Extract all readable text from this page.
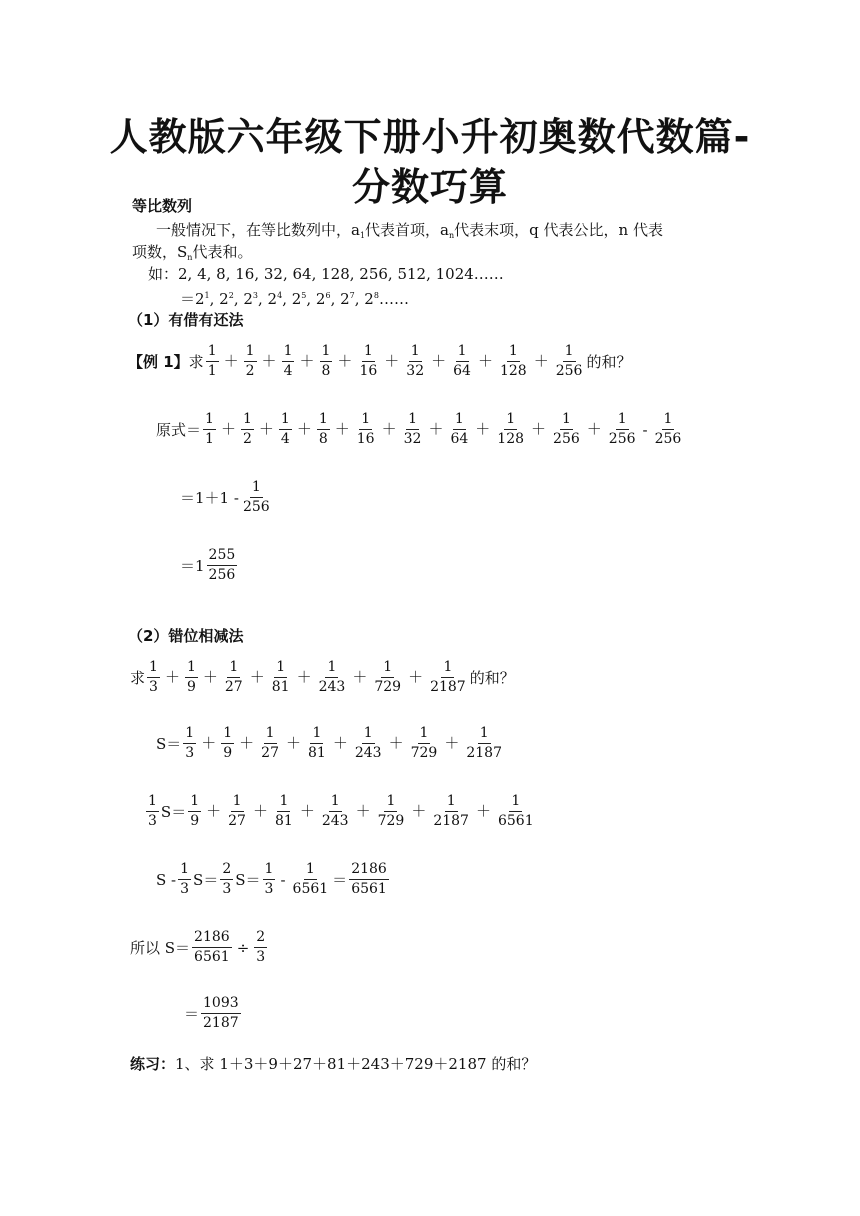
人教版六年级下册小升初奥数代数篇-
分数巧算
等比数列
一般情况下，在等比数列中，$a_1$代表首项，$a_n$代表末项，q 代表公比，n 代表
项数，$S_n$代表和。
如：2, 4, 8, 16, 32, 64, 128, 256, 512, 1024……
$=2^1$, $2^2$, $2^3$, $2^4$, $2^5$, $2^6$, $2^7$, $2^8\dots\dots$
（1）有借有还法
【例 1】 求 $\frac{1}{1} + \frac{1}{2} + \frac{1}{4} + \frac{1}{8} + \frac{1}{16} + \frac{1}{32} + \frac{1}{64} + \frac{1}{128} + \frac{1}{256}$ 的和？
原式＝ $\frac{1}{1} + \frac{1}{2} + \frac{1}{4} + \frac{1}{8} + \frac{1}{16} + \frac{1}{32} + \frac{1}{64} + \frac{1}{128} + \frac{1}{256} + \frac{1}{256} - \frac{1}{256}$
$=1+1 - \frac{1}{256}$
$=1 \frac{255}{256}$
（2）错位相减法
求 $\frac{1}{3} + \frac{1}{9} + \frac{1}{27} + \frac{1}{81} + \frac{1}{243} + \frac{1}{729} + \frac{1}{2187}$ 的和？
$S= \frac{1}{3} + \frac{1}{9} + \frac{1}{27} + \frac{1}{81} + \frac{1}{243} + \frac{1}{729} + \frac{1}{2187}$
$\frac{1}{3} S= \frac{1}{9} + \frac{1}{27} + \frac{1}{81} + \frac{1}{243} + \frac{1}{729} + \frac{1}{2187} + \frac{1}{6561}$
$S - \frac{1}{3} S= \frac{2}{3} S= \frac{1}{3} - \frac{1}{6561} = \frac{2186}{6561}$
所以 $S= \frac{2186}{6561} \div \frac{2}{3}$
＝ $\frac{1093}{2187}$
练习：1、求 1＋3＋9＋27＋81＋243＋729＋2187 的和？
